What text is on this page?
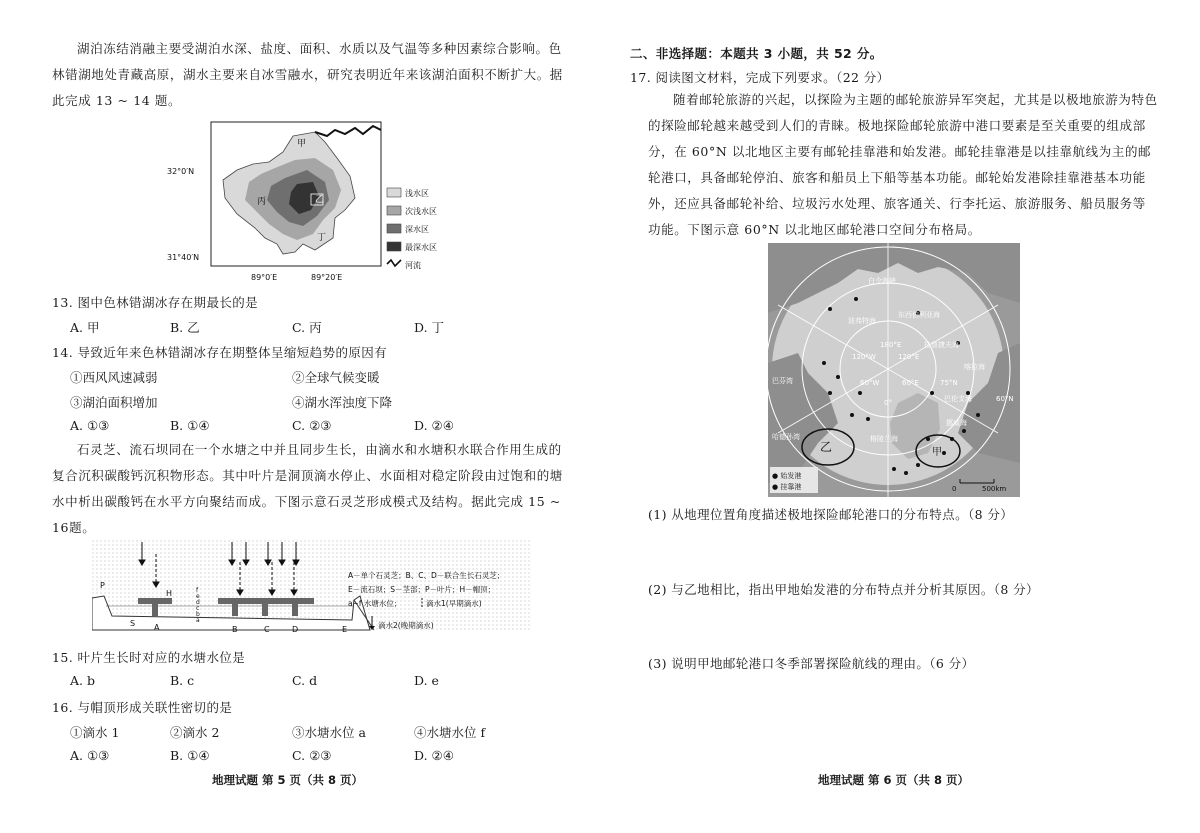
湖泊冻结消融主要受湖泊水深、盐度、面积、水质以及气温等多种因素综合影响。色林错湖地处青藏高原，湖水主要来自冰雪融水，研究表明近年来该湖泊面积不断扩大。据此完成 13 ~ 14 题。

甲
乙
丙
丁
32°0′N
31°40′N
89°0′E	89°20′E
浅水区
次浅水区
深水区
最深水区
河流
13. 图中色林错湖冰存在期最长的是
A. 甲	B. 乙	C. 丙	D. 丁
14. 导致近年来色林错湖冰存在期整体呈缩短趋势的原因有
①西风风速减弱	②全球气候变暖
③湖泊面积增加	④湖水浑浊度下降
A. ①③	B. ①④	C. ②③	D. ②④

石灵芝、流石坝同在一个水塘之中并且同步生长，由滴水和水塘积水联合作用生成的复合沉积碳酸钙沉积物形态。其中叶片是洞顶滴水停止、水面相对稳定阶段由过饱和的塘水中析出碳酸钙在水平方向聚结而成。下图示意石灵芝形成模式及结构。据此完成 15 ~ 16题。

P
H
S A	B	C	D	E
f
e
d
c
b
a
A－单个石灵芝；B、C、D－联合生长石灵芝；
E－流石坝；S－茎部；P－叶片；H－帽顶；
a~f 水塘水位；	滴水1(早期滴水)
滴水2(晚期滴水)
15. 叶片生长时对应的水塘水位是
A. b	B. c	C. d	D. e
16. 与帽顶形成关联性密切的是
①滴水 1	②滴水 2	③水塘水位 a	④水塘水位 f
A. ①③	B. ①④	C. ②③	D. ②④
地理试题 第 5 页（共 8 页）
二、非选择题：本题共 3 小题，共 52 分。
17. 阅读图文材料，完成下列要求。（22 分）

随着邮轮旅游的兴起，以探险为主题的邮轮旅游异军突起，尤其是以极地旅游为特色的探险邮轮越来越受到人们的青睐。极地探险邮轮旅游中港口要素是至关重要的组成部分，在 60°N 以北地区主要有邮轮挂靠港和始发港。邮轮挂靠港是以挂靠航线为主的邮轮港口，具备邮轮停泊、旅客和船员上下船等基本功能。邮轮始发港除挂靠港基本功能外，还应具备邮轮补给、垃圾污水处理、旅客通关、行李托运、旅游服务、船员服务等功能。下图示意 60°N 以北地区邮轮港口空间分布格局。

乙	甲
白令海峡
东西伯利亚海
波弗特海
拉普捷夫海
巴芬湾
格陵兰海
挪威海
巴伦支海
喀拉海
哈德孙湾
180°E
120°W	120°E
60°W	60°E
0°
75°N
60°N
● 始发港
● 挂靠港	0	500km
(1) 从地理位置角度描述极地探险邮轮港口的分布特点。（8 分）
(2) 与乙地相比，指出甲地始发港的分布特点并分析其原因。（8 分）
(3) 说明甲地邮轮港口冬季部署探险航线的理由。（6 分）
地理试题 第 6 页（共 8 页）
